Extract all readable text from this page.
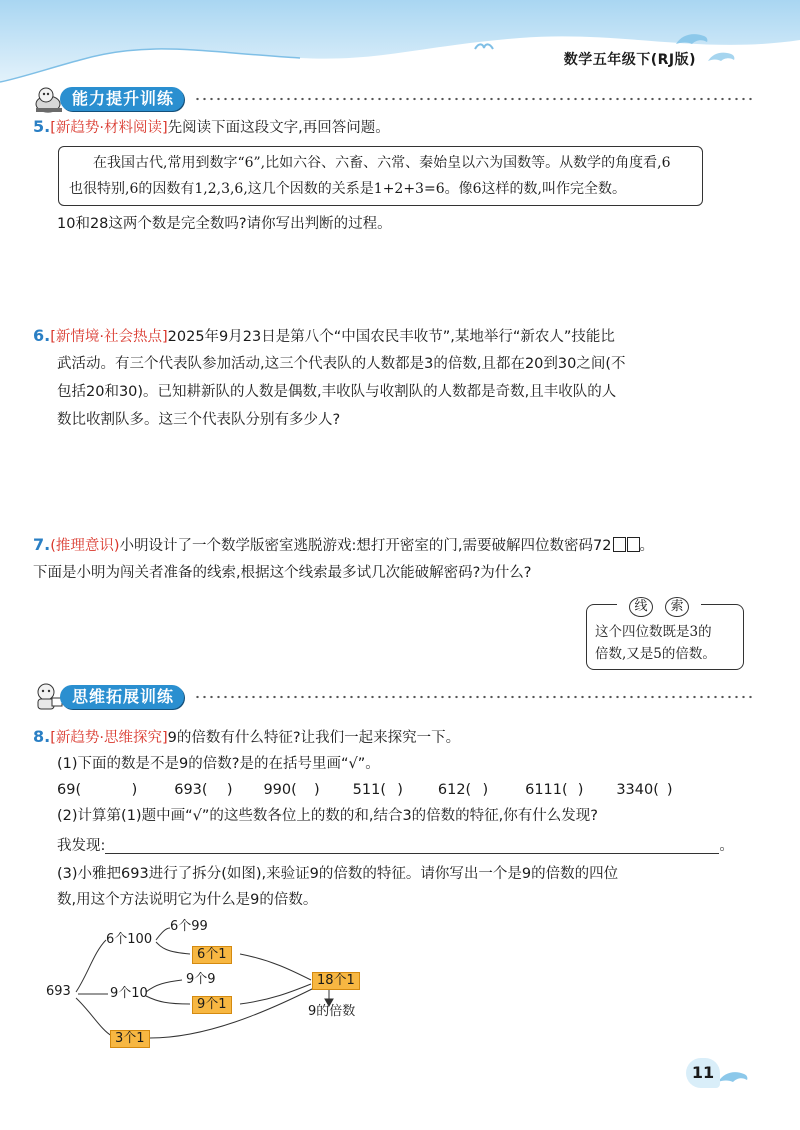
数学五年级下(RJ版)
能力提升训练
5.[新趋势·材料阅读]先阅读下面这段文字,再回答问题。
在我国古代,常用到数字“6”,比如六谷、六畜、六常、秦始皇以六为国数等。从数学的角度看,6
也很特别,6的因数有1,2,3,6,这几个因数的关系是1+2+3=6。像6这样的数,叫作完全数。
10和28这两个数是完全数吗?请你写出判断的过程。
6.[新情境·社会热点]2025年9月23日是第八个“中国农民丰收节”,某地举行“新农人”技能比
武活动。有三个代表队参加活动,这三个代表队的人数都是3的倍数,且都在20到30之间(不
包括20和30)。已知耕新队的人数是偶数,丰收队与收割队的人数都是奇数,且丰收队的人
数比收割队多。这三个代表队分别有多少人?
7.(推理意识)小明设计了一个数学版密室逃脱游戏:想打开密室的门,需要破解四位数密码72 。
下面是小明为闯关者准备的线索,根据这个线索最多试几次能破解密码?为什么?
线 索
这个四位数既是3的
倍数,又是5的倍数。
思维拓展训练
8.[新趋势·思维探究]9的倍数有什么特征?让我们一起来探究一下。
(1)下面的数是不是9的倍数?是的在括号里画“√”。
69(	)	693( ) 990( ) 511( ) 612( )	6111( ) 3340( )
(2)计算第(1)题中画“√”的这些数各位上的数的和,结合3的倍数的特征,你有什么发现?
我发现:	。
(3)小雅把693进行了拆分(如图),来验证9的倍数的特征。请你写出一个是9的倍数的四位
数,用这个方法说明它为什么是9的倍数。
693
6个100
6个99
6个1
9个10
9个9
9个1
3个1
18个1
9的倍数
11
